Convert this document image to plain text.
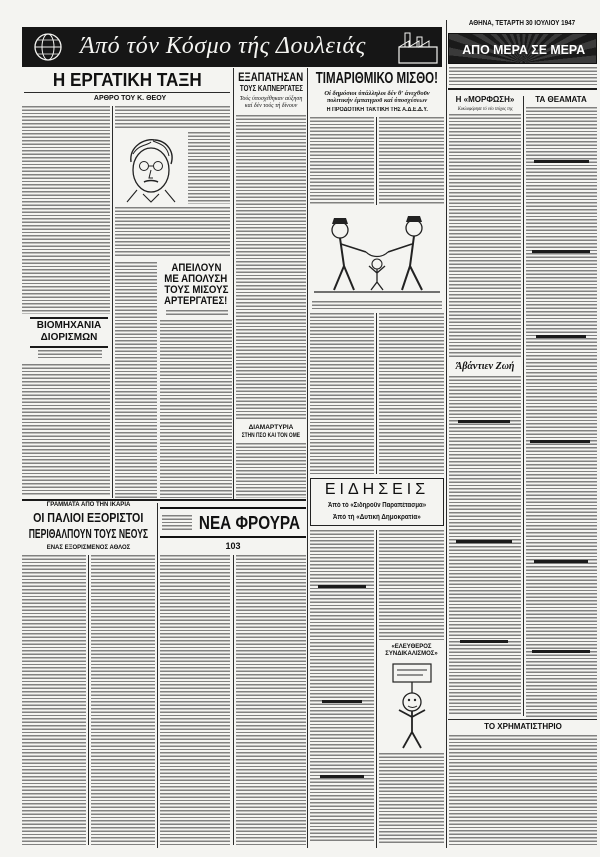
Άπό τόν Κόσμο τής Δουλειάς
ΑΘΗΝΑ, ΤΕΤΑΡΤΗ 30 ΙΟΥΛΙΟΥ 1947
ΑΠΟ ΜΕΡΑ ΣΕ ΜΕΡΑ
Η «ΜΟΡΦΩΣΗ»	ΤΑ ΘΕΑΜΑΤΑ
Κυκλοφόρησε τό νέο τεύχος της
Άβάντιεν Ζωή
ΤΟ ΧΡΗΜΑΤΙΣΤΗΡΙΟ
Η ΕΡΓΑΤΙΚΗ ΤΑΞΗ
ΑΡΘΡΟ ΤΟΥ Κ. ΘΕΟΥ
ΒΙΟΜΗΧΑΝΙΑ
ΔΙΟΡΙΣΜΩΝ
ΑΠΕΙΛΟΥΝ
ΜΕ ΑΠΟΛΥΣΗ
ΤΟΥΣ ΜΙΣΟΥΣ
ΑΡΤΕΡΓΑΤΕΣ!
ΕΞΑΠΑΤΗΣΑΝ
ΤΟΥΣ ΚΑΠΝΕΡΓΑΤΕΣ
Τούς ύποσχέθηκαν αύξηση καί δέν τούς τή δίνουν
ΔΙΑΜΑΡΤΥΡΙΑ
ΣΤΗΝ ΠΣΟ ΚΑΙ ΤΟΝ ΟΜΕ
ΤΙΜΑΡΙΘΜΙΚΟ ΜΙΣΘΟ!
Οί δημόσιοι ύπάλληλοι δέν θ' άνεχθοῦν πολιτικήν έμπαιγμοῦ καί ύποσχέσεων
Η ΠΡΟΔΟΤΙΚΗ ΤΑΚΤΙΚΗ ΤΗΣ Α.Δ.Ε.Δ.Υ.
ΕΙΔΗΣΕΙΣ
Άπό τό «Σιδηροῦν Παραπέτασμα»
Άπό τή «Δυτική Δημοκρατία»
«ΕΛΕΥΘΕΡΟΣ ΣΥΝΔΙΚΑΛΙΣΜΟΣ»
ΓΡΑΜΜΑΤΑ ΑΠΟ ΤΗΝ ΙΚΑΡΙΑ
ΟΙ ΠΑΛΙΟΙ ΕΞΟΡΙΣΤΟΙ
ΠΕΡΙΘΑΛΠΟΥΝ ΤΟΥΣ ΝΕΟΥΣ
ΕΝΑΣ ΕΞΟΡΙΣΜΕΝΟΣ ΑΘΛΟΣ
ΝΕΑ ΦΡΟΥΡΑ
103
